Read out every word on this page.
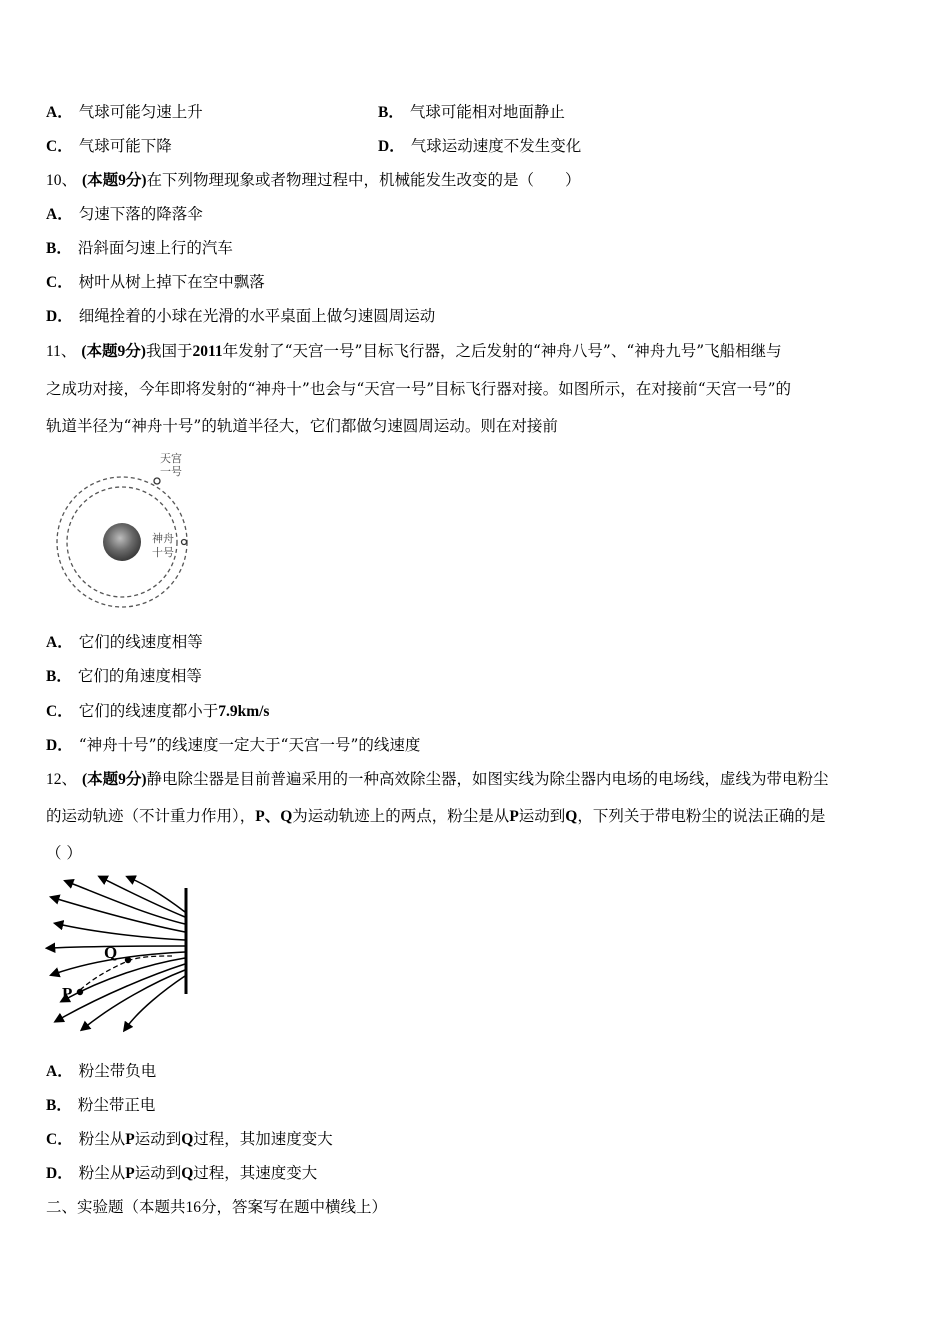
A． 气球可能匀速上升	B． 气球可能相对地面静止
C． 气球可能下降	D． 气球运动速度不发生变化
10、 (本题9分)在下列物理现象或者物理过程中，机械能发生改变的是（　　）
A． 匀速下落的降落伞
B． 沿斜面匀速上行的汽车
C． 树叶从树上掉下在空中飘落
D． 细绳拴着的小球在光滑的水平桌面上做匀速圆周运动
11、 (本题9分)我国于2011年发射了“天宫一号”目标飞行器，之后发射的“神舟八号”、“神舟九号”飞船相继与
之成功对接，今年即将发射的“神舟十”也会与“天宫一号”目标飞行器对接。如图所示，在对接前“天宫一号”的
轨道半径为“神舟十号”的轨道半径大，它们都做匀速圆周运动。则在对接前
天宫
一号
神舟
十号
A． 它们的线速度相等
B． 它们的角速度相等
C． 它们的线速度都小于7.9km/s
D． “神舟十号”的线速度一定大于“天宫一号”的线速度
12、 (本题9分)静电除尘器是目前普遍采用的一种高效除尘器，如图实线为除尘器内电场的电场线，虚线为带电粉尘
的运动轨迹（不计重力作用），P、Q为运动轨迹上的两点，粉尘是从P运动到Q，下列关于带电粉尘的说法正确的是
（ ）
P
Q
A． 粉尘带负电
B． 粉尘带正电
C． 粉尘从P运动到Q过程，其加速度变大
D． 粉尘从P运动到Q过程，其速度变大
二、实验题（本题共16分，答案写在题中横线上）
